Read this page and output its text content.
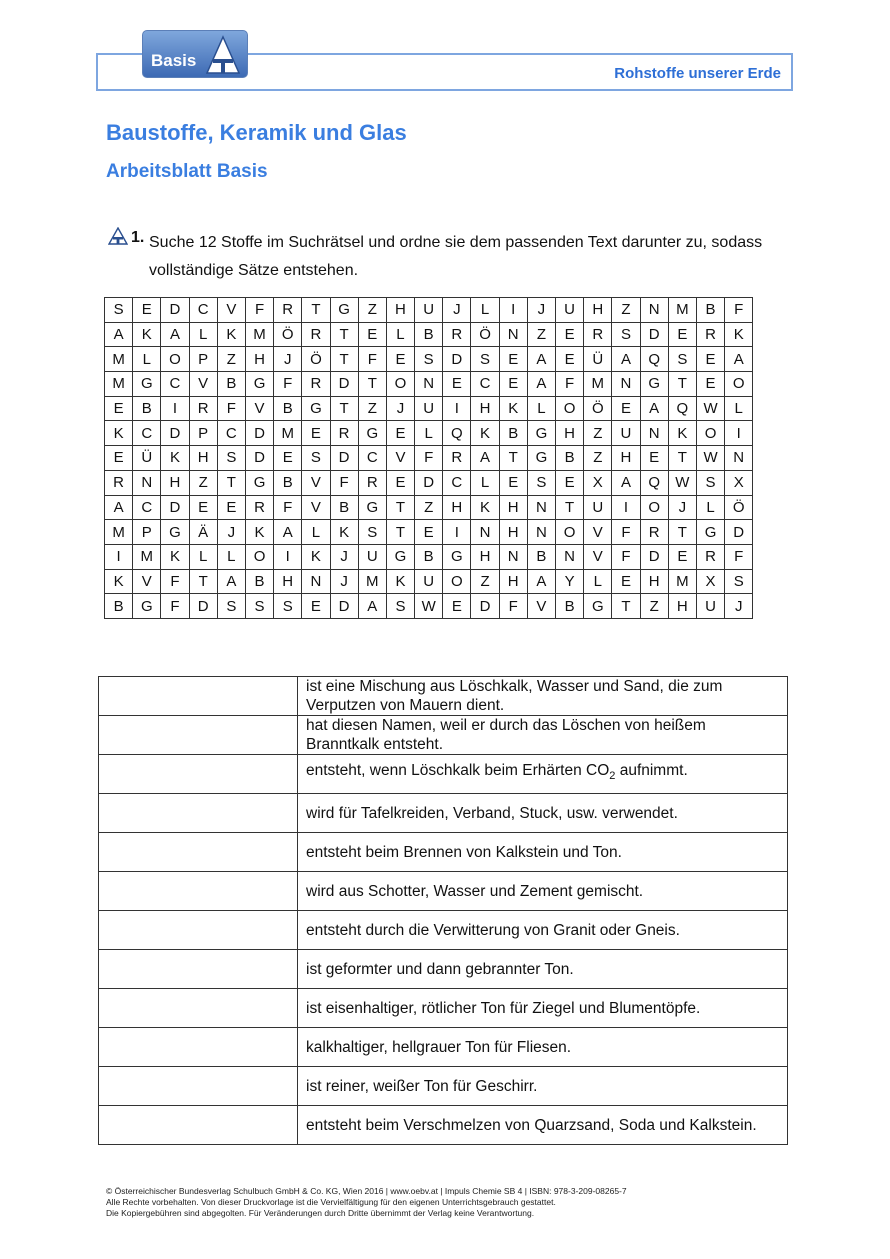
Rohstoffe unserer Erde
Basis
Baustoffe, Keramik und Glas
Arbeitsblatt Basis
1. Suche 12 Stoffe im Suchrätsel und ordne sie dem passenden Text darunter zu, sodass vollständige Sätze entstehen.
S	E	D	C	V	F	R	T	G	Z	H	U	J	L	I	J	U	H	Z	N	M	B	F
A	K	A	L	K	M	Ö	R	T	E	L	B	R	Ö	N	Z	E	R	S	D	E	R	K
M	L	O	P	Z	H	J	Ö	T	F	E	S	D	S	E	A	E	Ü	A	Q	S	E	A
M	G	C	V	B	G	F	R	D	T	O	N	E	C	E	A	F	M	N	G	T	E	O
E	B	I	R	F	V	B	G	T	Z	J	U	I	H	K	L	O	Ö	E	A	Q	W	L
K	C	D	P	C	D	M	E	R	G	E	L	Q	K	B	G	H	Z	U	N	K	O	I
E	Ü	K	H	S	D	E	S	D	C	V	F	R	A	T	G	B	Z	H	E	T	W	N
R	N	H	Z	T	G	B	V	F	R	E	D	C	L	E	S	E	X	A	Q	W	S	X
A	C	D	E	E	R	F	V	B	G	T	Z	H	K	H	N	T	U	I	O	J	L	Ö
M	P	G	Ä	J	K	A	L	K	S	T	E	I	N	H	N	O	V	F	R	T	G	D
I	M	K	L	L	O	I	K	J	U	G	B	G	H	N	B	N	V	F	D	E	R	F
K	V	F	T	A	B	H	N	J	M	K	U	O	Z	H	A	Y	L	E	H	M	X	S
B	G	F	D	S	S	S	E	D	A	S	W	E	D	F	V	B	G	T	Z	H	U	J
	ist eine Mischung aus Löschkalk, Wasser und Sand, die zum Verputzen von Mauern dient.
	hat diesen Namen, weil er durch das Löschen von heißem Branntkalk entsteht.
	entsteht, wenn Löschkalk beim Erhärten $CO_2$ aufnimmt.
	wird für Tafelkreiden, Verband, Stuck, usw. verwendet.
	entsteht beim Brennen von Kalkstein und Ton.
	wird aus Schotter, Wasser und Zement gemischt.
	entsteht durch die Verwitterung von Granit oder Gneis.
	ist geformter und dann gebrannter Ton.
	ist eisenhaltiger, rötlicher Ton für Ziegel und Blumentöpfe.
	kalkhaltiger, hellgrauer Ton für Fliesen.
	ist reiner, weißer Ton für Geschirr.
	entsteht beim Verschmelzen von Quarzsand, Soda und Kalkstein.
© Österreichischer Bundesverlag Schulbuch GmbH & Co. KG, Wien 2016 | www.oebv.at | Impuls Chemie SB 4 | ISBN: 978-3-209-08265-7
Alle Rechte vorbehalten. Von dieser Druckvorlage ist die Vervielfältigung für den eigenen Unterrichtsgebrauch gestattet.
Die Kopiergebühren sind abgegolten. Für Veränderungen durch Dritte übernimmt der Verlag keine Verantwortung.
